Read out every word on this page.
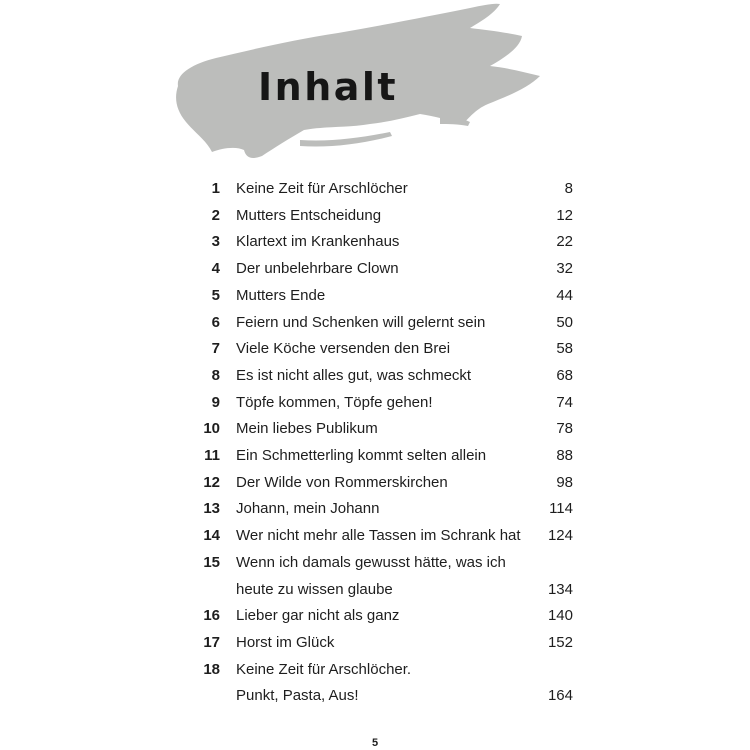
Inhalt
1 Keine Zeit für Arschlöcher	8
2 Mutters Entscheidung	12
3 Klartext im Krankenhaus	22
4 Der unbelehrbare Clown	32
5 Mutters Ende	44
6 Feiern und Schenken will gelernt sein	50
7 Viele Köche versenden den Brei	58
8 Es ist nicht alles gut, was schmeckt	68
9 Töpfe kommen, Töpfe gehen!	74
10 Mein liebes Publikum	78
11 Ein Schmetterling kommt selten allein	88
12 Der Wilde von Rommerskirchen	98
13 Johann, mein Johann	114
14 Wer nicht mehr alle Tassen im Schrank hat 124
15 Wenn ich damals gewusst hätte, was ich
heute zu wissen glaube	134
16 Lieber gar nicht als ganz	140
17 Horst im Glück	152
18 Keine Zeit für Arschlöcher.
Punkt, Pasta, Aus!	164
5
